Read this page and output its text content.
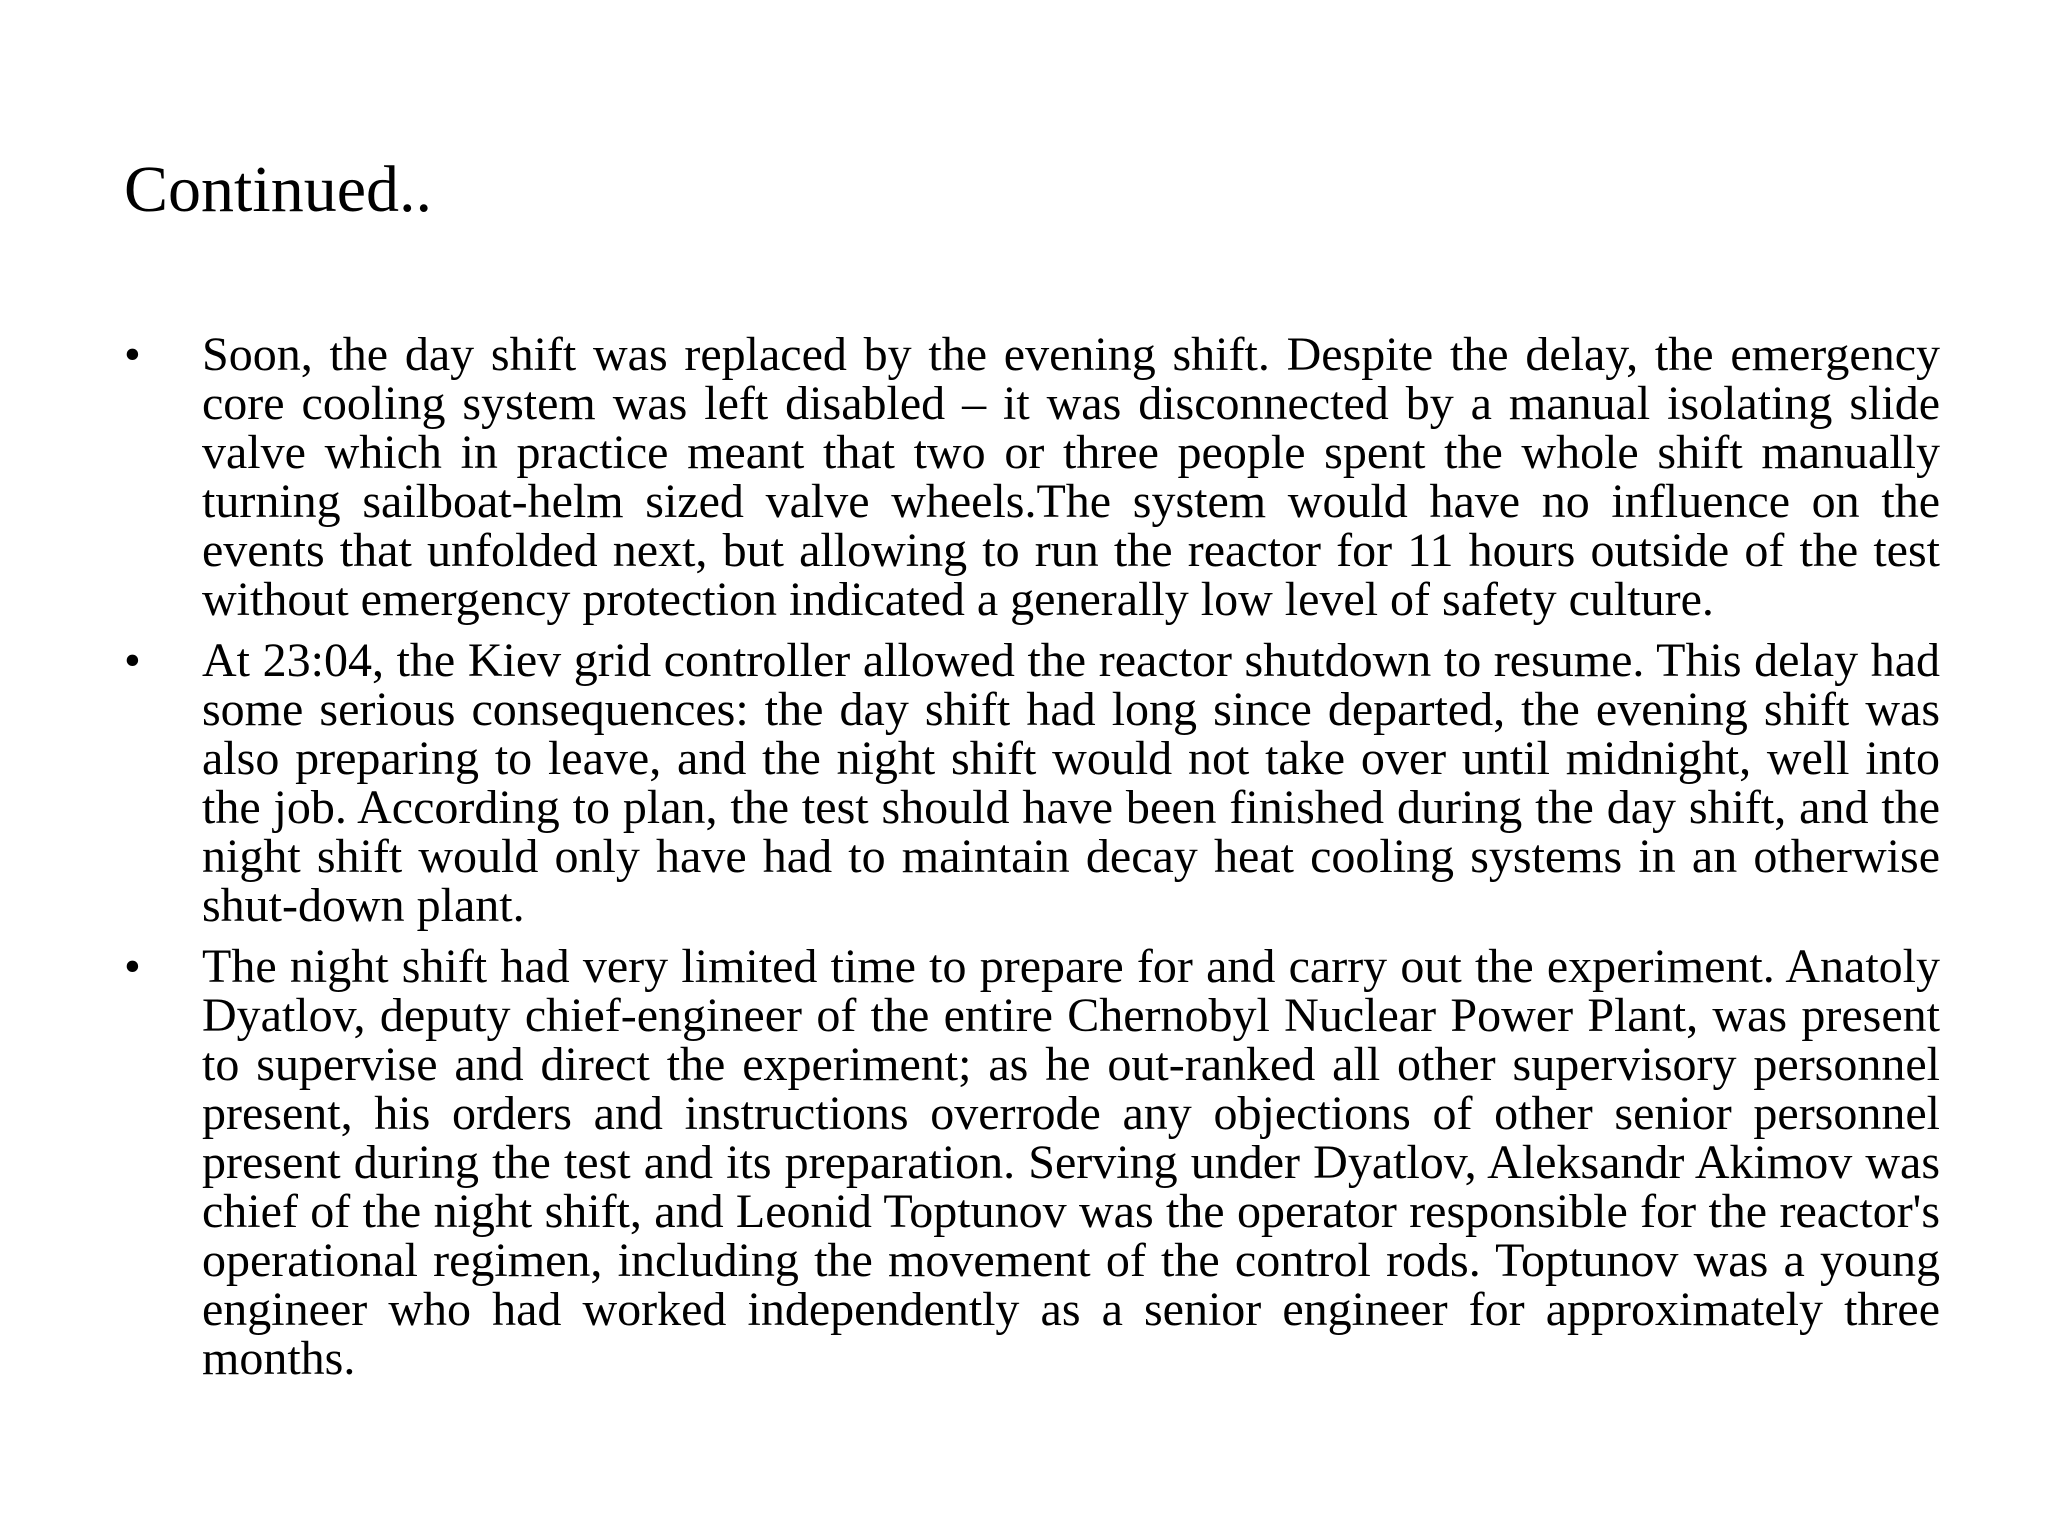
Continued..
• Soon, the day shift was replaced by the evening shift. Despite the delay, the emergency core cooling system was left disabled – it was disconnected by a manual isolating slide valve which in practice meant that two or three people spent the whole shift manually turning sailboat-helm sized valve wheels.The system would have no influence on the events that unfolded next, but allowing to run the reactor for 11 hours outside of the test without emergency protection indicated a generally low level of safety culture.
• At 23:04, the Kiev grid controller allowed the reactor shutdown to resume. This delay had some serious consequences: the day shift had long since departed, the evening shift was also preparing to leave, and the night shift would not take over until midnight, well into the job. According to plan, the test should have been finished during the day shift, and the night shift would only have had to maintain decay heat cooling systems in an otherwise shut-down plant.
• The night shift had very limited time to prepare for and carry out the experiment. Anatoly Dyatlov, deputy chief-engineer of the entire Chernobyl Nuclear Power Plant, was present to supervise and direct the experiment; as he out-ranked all other supervisory personnel present, his orders and instructions overrode any objections of other senior personnel present during the test and its preparation. Serving under Dyatlov, Aleksandr Akimov was chief of the night shift, and Leonid Toptunov was the operator responsible for the reactor's operational regimen, including the movement of the control rods. Toptunov was a young engineer who had worked independently as a senior engineer for approximately three months.
